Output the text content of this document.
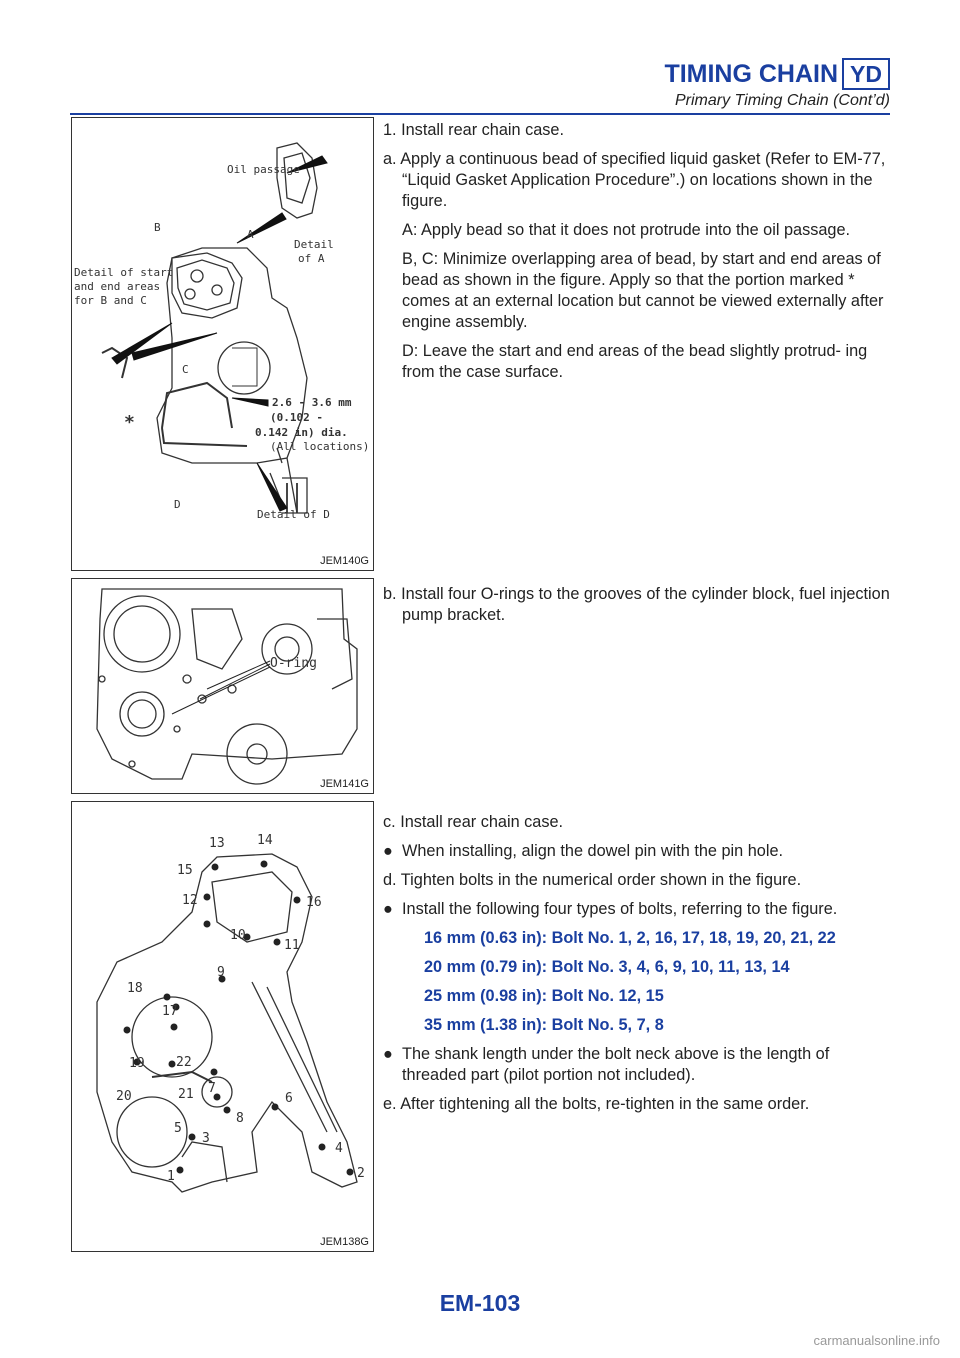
TIMING CHAIN YD
Primary Timing Chain (Cont’d)
Oil passage
B
A
Detail
of A
Detail of start
and end areas
for B and C
C
*
2.6 - 3.6 mm
(0.102 -
0.142 in) dia.
(All locations)
D
Detail of D
JEM140G
O-ring
JEM141G
13 14
15
16
12
10
11
9
18
17
19 22
20	21 7
5
8
6
3
4
1	2
JEM138G

1. Install rear chain case.

a. Apply a continuous bead of specified liquid gasket (Refer to EM-77, “Liquid Gasket Application Procedure”.) on locations shown in the figure.

A: Apply bead so that it does not protrude into the oil passage.

B, C: Minimize overlapping area of bead, by start and end areas of bead as shown in the figure. Apply so that the portion marked * comes at an external location but cannot be viewed externally after engine assembly.

D: Leave the start and end areas of the bead slightly protrud- ing from the case surface.

b. Install four O-rings to the grooves of the cylinder block, fuel injection pump bracket.

c. Install rear chain case.

● When installing, align the dowel pin with the pin hole.

d. Tighten bolts in the numerical order shown in the figure.

● Install the following four types of bolts, referring to the figure.

16 mm (0.63 in): Bolt No. 1, 2, 16, 17, 18, 19, 20, 21, 22

20 mm (0.79 in): Bolt No. 3, 4, 6, 9, 10, 11, 13, 14

25 mm (0.98 in): Bolt No. 12, 15

35 mm (1.38 in): Bolt No. 5, 7, 8

● The shank length under the bolt neck above is the length of threaded part (pilot portion not included).

e. After tightening all the bolts, re-tighten in the same order.

EM-103
carmanualsonline.info
